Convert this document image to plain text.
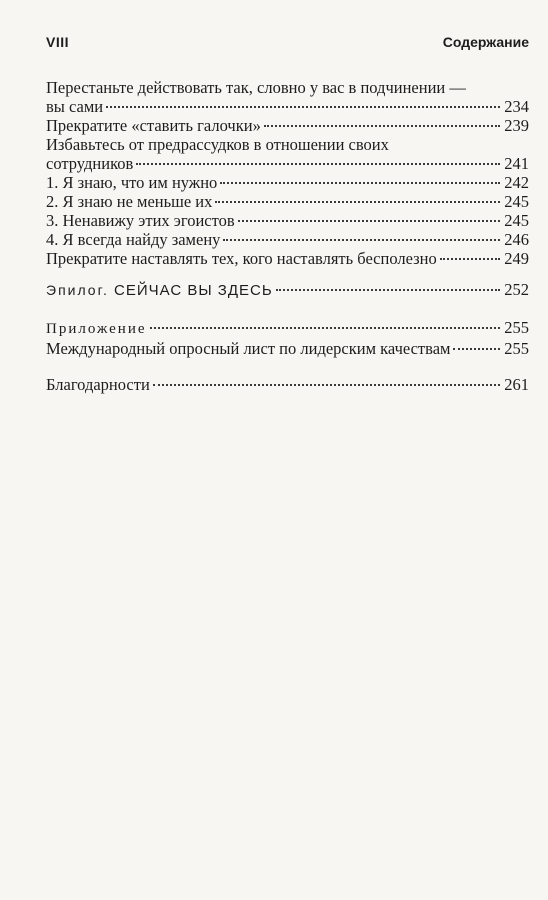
VIII	Содержание
Перестаньте действовать так, словно у вас в подчинении —
вы сами	234
Прекратите «ставить галочки»	239
Избавьтесь от предрассудков в отношении своих
сотрудников	241
1. Я знаю, что им нужно	242
2. Я знаю не меньше их	245
3. Ненавижу этих эгоистов	245
4. Я всегда найду замену	246
Прекратите наставлять тех, кого наставлять бесполезно	249
Эпилог. СЕЙЧАС ВЫ ЗДЕСЬ	252
Приложение	255
Международный опросный лист по лидерским качествам	255
Благодарности	261
